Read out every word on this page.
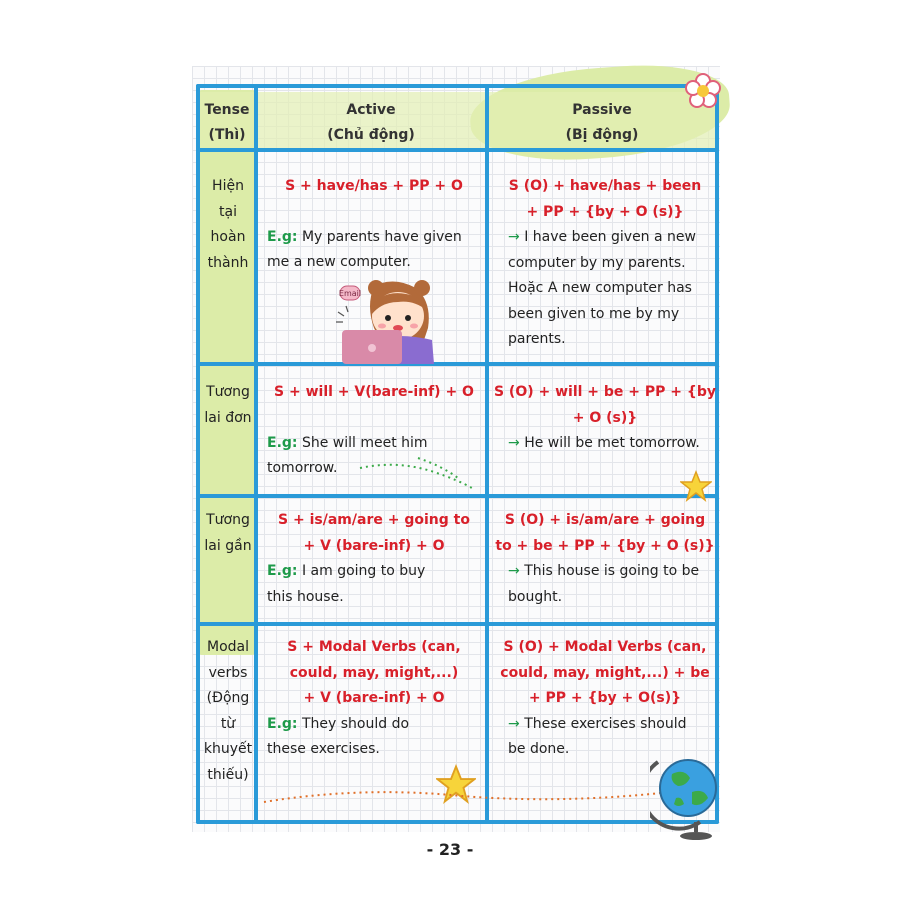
Tense
(Thì)
Active
(Chủ động)
Passive
(Bị động)
Hiện
tại
hoàn
thành
S + have/has + PP + O
E.g: My parents have given
me a new computer.
S (O) + have/has + been
+ PP + {by + O (s)}
→ I have been given a new
computer by my parents.
Hoặc A new computer has
been given to me by my
parents.
Tương
lai đơn
S + will + V(bare-inf) + O
E.g: She will meet him
tomorrow.
S (O) + will + be + PP + {by
+ O (s)}
→ He will be met tomorrow.
Tương
lai gần
S + is/am/are + going to
+ V (bare-inf) + O
E.g: I am going to buy
this house.
S (O) + is/am/are + going
to + be + PP + {by + O (s)}
→ This house is going to be
bought.
Modal
verbs
(Động
từ
khuyết
thiếu)
S + Modal Verbs (can,
could, may, might,...)
+ V (bare-inf) + O
E.g: They should do
these exercises.
S (O) + Modal Verbs (can,
could, may, might,...) + be
+ PP + {by + O(s)}
→ These exercises should
be done.
Email
- 23 -
